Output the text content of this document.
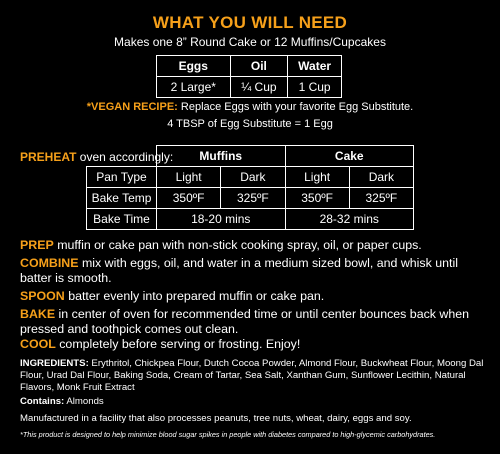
WHAT YOU WILL NEED
Makes one 8” Round Cake or 12 Muffins/Cupcakes
Eggs	Oil	Water
2 Large*	¼ Cup	1 Cup
*VEGAN RECIPE: Replace Eggs with your favorite Egg Substitute.
4 TBSP of Egg Substitute = 1 Egg
PREHEAT oven accordingly:
	Muffins		Cake	
Pan Type	Light	Dark	Light	Dark
Bake Temp	350ºF	325ºF	350ºF	325ºF
Bake Time	18-20 mins		28-32 mins	
PREP muffin or cake pan with non-stick cooking spray, oil, or paper cups.
COMBINE mix with eggs, oil, and water in a medium sized bowl, and whisk until batter is smooth.
SPOON batter evenly into prepared muffin or cake pan.
BAKE in center of oven for recommended time or until center bounces back when pressed and toothpick comes out clean.
COOL completely before serving or frosting. Enjoy!
INGREDIENTS: Erythritol, Chickpea Flour, Dutch Cocoa Powder, Almond Flour, Buckwheat Flour, Moong Dal Flour, Urad Dal Flour, Baking Soda, Cream of Tartar, Sea Salt, Xanthan Gum, Sunflower Lecithin, Natural Flavors, Monk Fruit Extract
Contains: Almonds
Manufactured in a facility that also processes peanuts, tree nuts, wheat, dairy, eggs and soy.
*This product is designed to help minimize blood sugar spikes in people with diabetes compared to high-glycemic carbohydrates.
